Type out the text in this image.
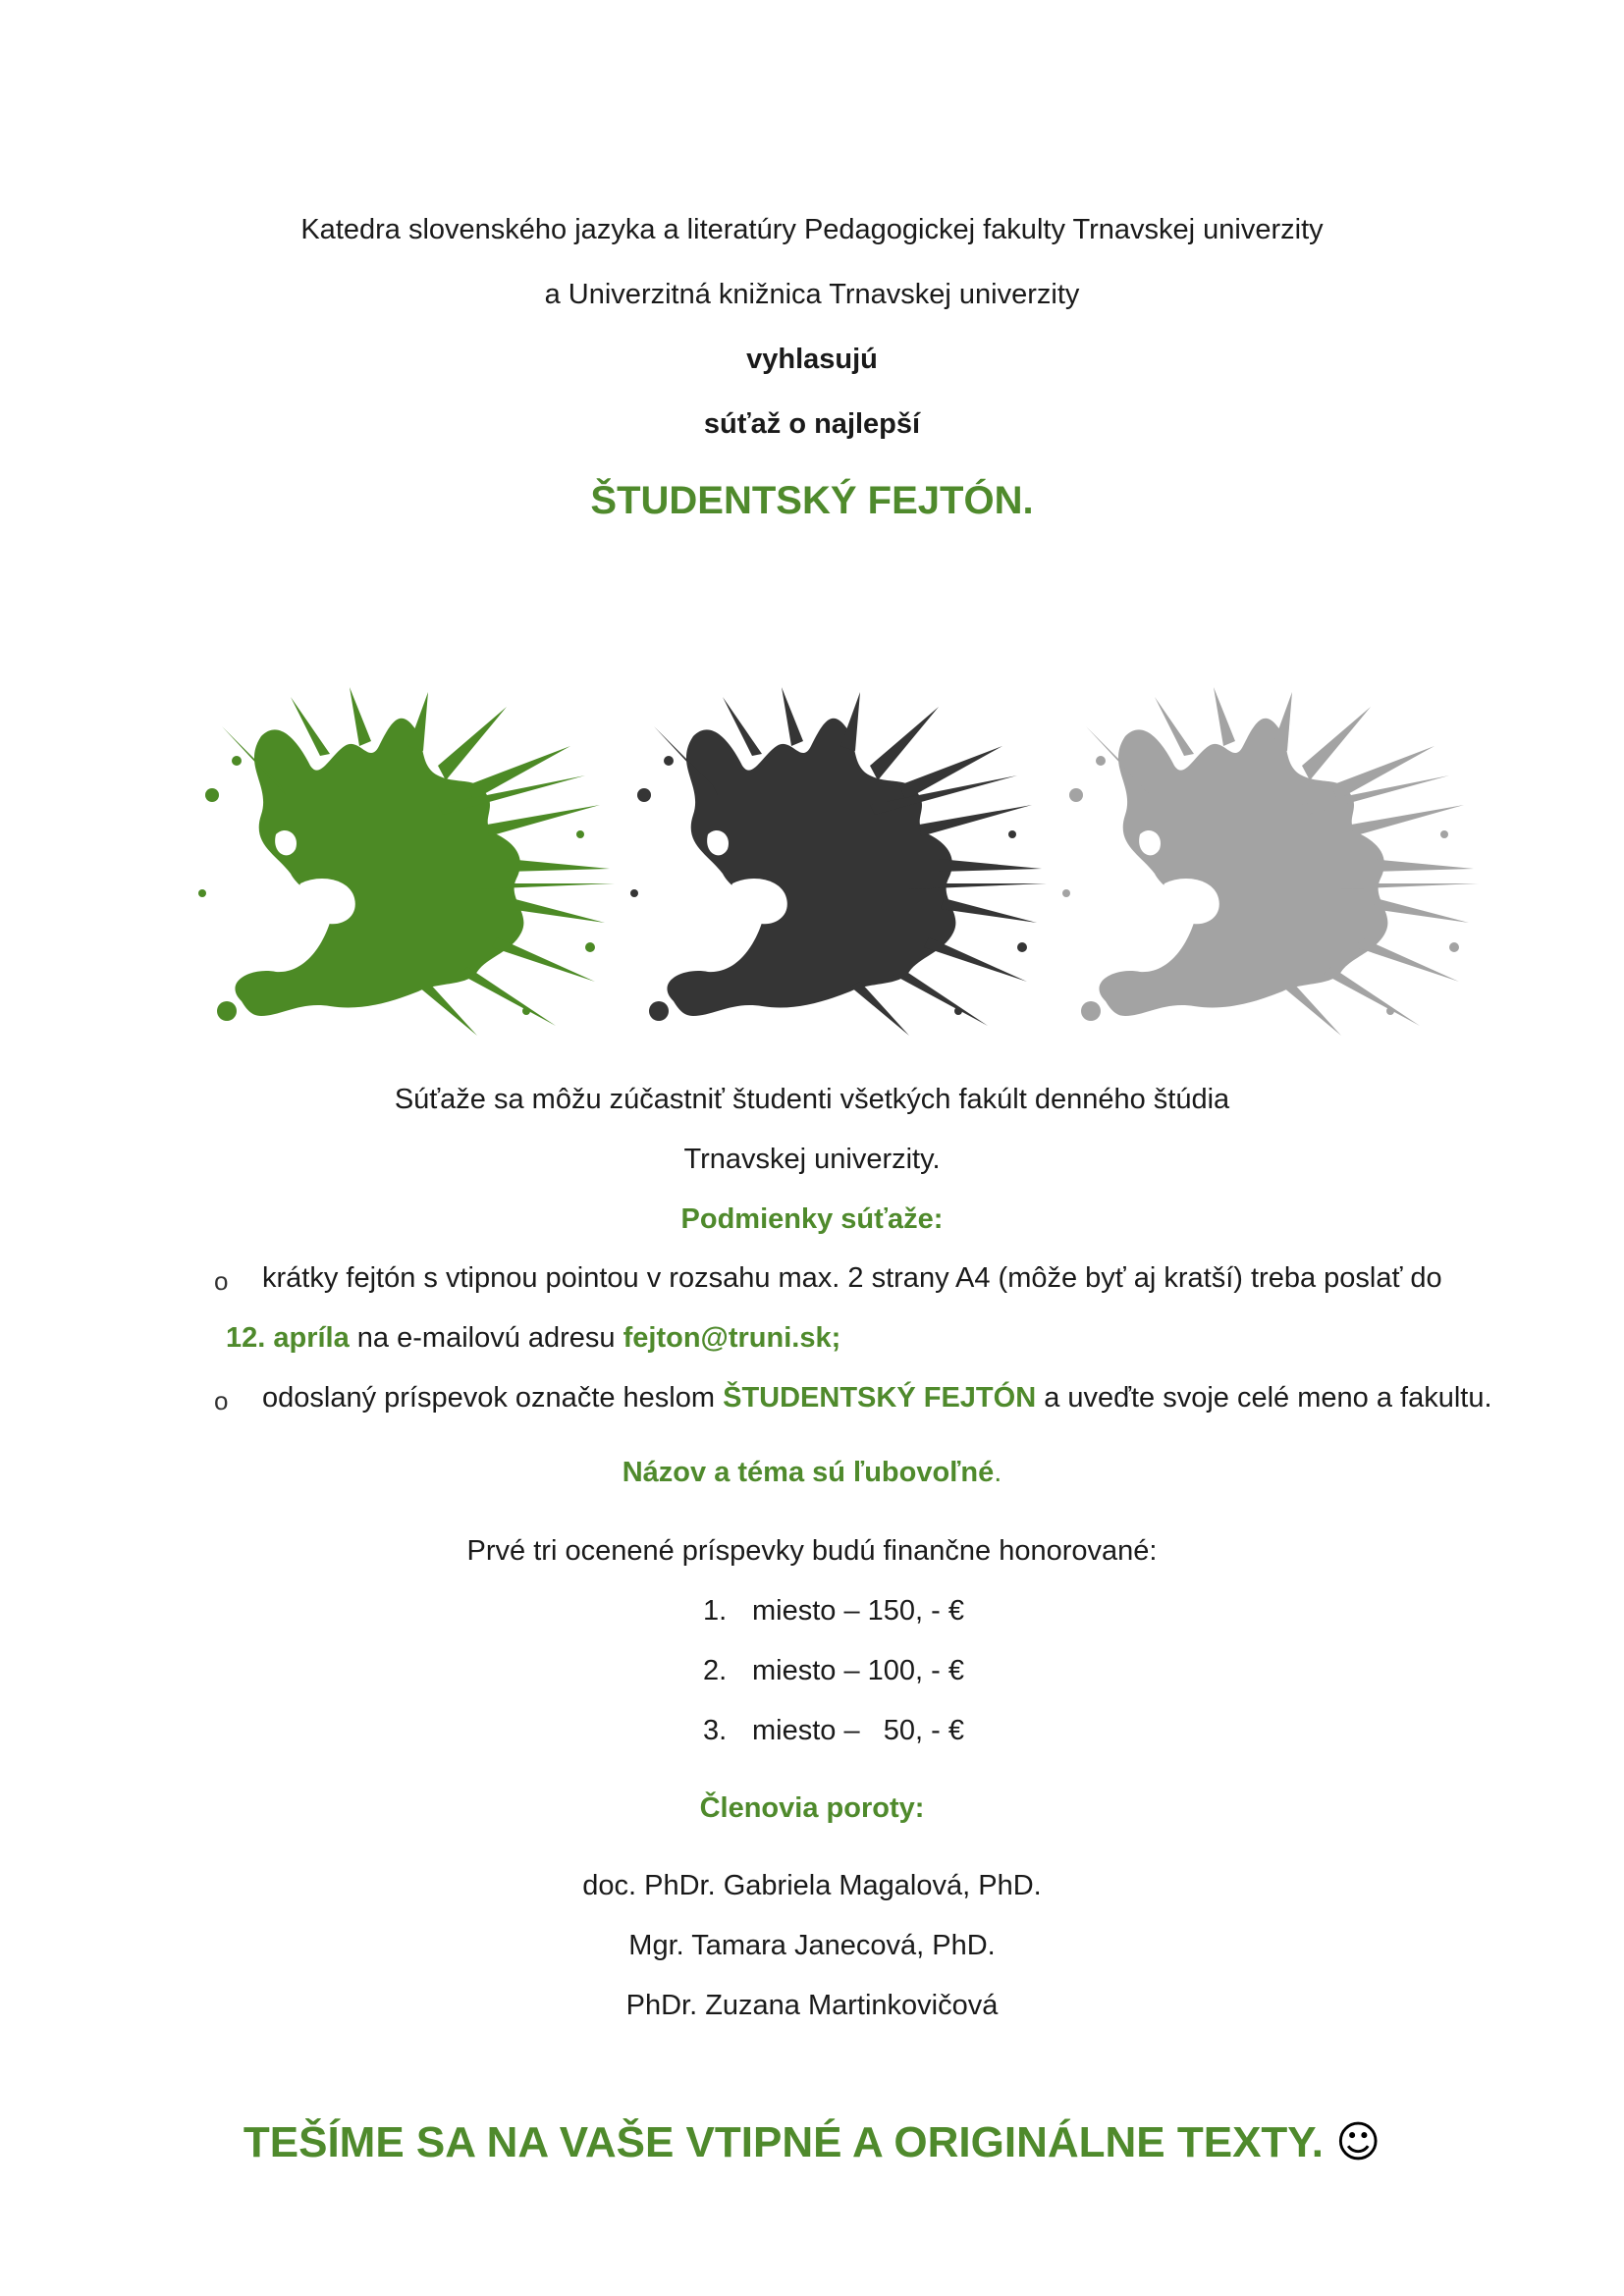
Katedra slovenského jazyka a literatúry Pedagogickej fakulty Trnavskej univerzity
a Univerzitná knižnica Trnavskej univerzity
vyhlasujú
súťaž o najlepší
ŠTUDENTSKÝ FEJTÓN.
Súťaže sa môžu zúčastniť študenti všetkých fakúlt denného štúdia
Trnavskej univerzity.
Podmienky súťaže:
o krátky fejtón s vtipnou pointou v rozsahu max. 2 strany A4 (môže byť aj kratší) treba poslať do
12. apríla na e-mailovú adresu fejton@truni.sk;
o odoslaný príspevok označte heslom ŠTUDENTSKÝ FEJTÓN a uveďte svoje celé meno a fakultu.
Názov a téma sú ľubovoľné.
Prvé tri ocenené príspevky budú finančne honorované:
1. miesto – 150, - €
2. miesto – 100, - €
3. miesto –   50, - €
Členovia poroty:
doc. PhDr. Gabriela Magalová, PhD.
Mgr. Tamara Janecová, PhD.
PhDr. Zuzana Martinkovičová
TEŠÍME SA NA VAŠE VTIPNÉ A ORIGINÁLNE TEXTY. ☺
